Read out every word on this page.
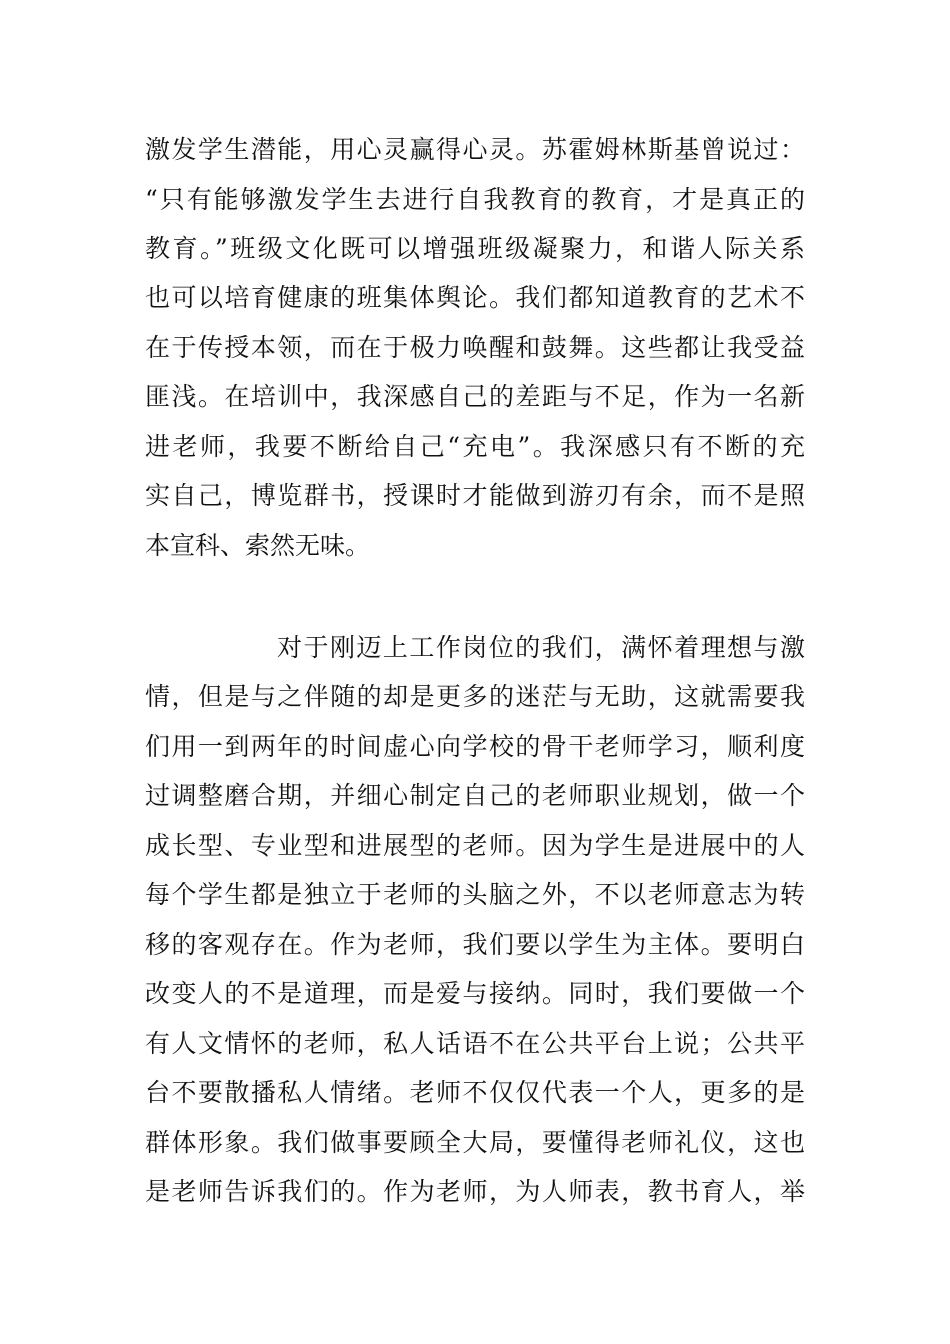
激发学生潜能，用心灵赢得心灵。苏霍姆林斯基曾说过：
“只有能够激发学生去进行自我教育的教育，才是真正的
教育。”班级文化既可以增强班级凝聚力，和谐人际关系
也可以培育健康的班集体舆论。我们都知道教育的艺术不
在于传授本领，而在于极力唤醒和鼓舞。这些都让我受益
匪浅。在培训中，我深感自己的差距与不足，作为一名新
进老师，我要不断给自己“充电”。我深感只有不断的充
实自己，博览群书，授课时才能做到游刃有余，而不是照
本宣科、索然无味。
对于刚迈上工作岗位的我们，满怀着理想与激
情，但是与之伴随的却是更多的迷茫与无助，这就需要我
们用一到两年的时间虚心向学校的骨干老师学习，顺利度
过调整磨合期，并细心制定自己的老师职业规划，做一个
成长型、专业型和进展型的老师。因为学生是进展中的人
每个学生都是独立于老师的头脑之外，不以老师意志为转
移的客观存在。作为老师，我们要以学生为主体。要明白
改变人的不是道理，而是爱与接纳。同时，我们要做一个
有人文情怀的老师，私人话语不在公共平台上说；公共平
台不要散播私人情绪。老师不仅仅代表一个人，更多的是
群体形象。我们做事要顾全大局，要懂得老师礼仪，这也
是老师告诉我们的。作为老师，为人师表，教书育人，举
